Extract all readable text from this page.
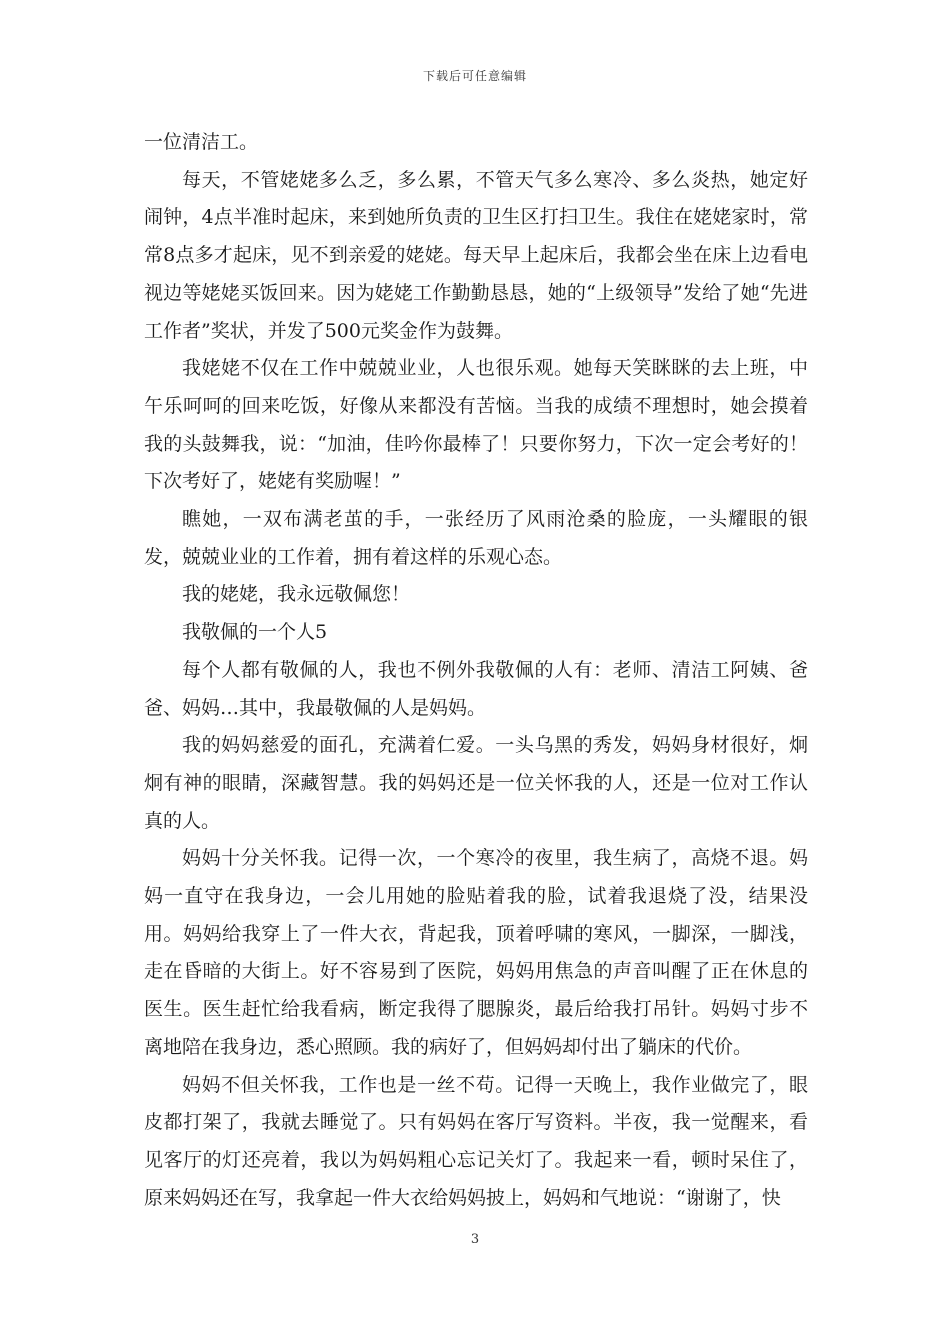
下载后可任意编辑

一位清洁工。

每天，不管姥姥多么乏，多么累，不管天气多么寒冷、多么炎热，她定好闹钟，4点半准时起床，来到她所负责的卫生区打扫卫生。我住在姥姥家时，常常8点多才起床，见不到亲爱的姥姥。每天早上起床后，我都会坐在床上边看电视边等姥姥买饭回来。因为姥姥工作勤勤恳恳，她的“上级领导”发给了她“先进工作者”奖状，并发了500元奖金作为鼓舞。

我姥姥不仅在工作中兢兢业业，人也很乐观。她每天笑眯眯的去上班，中午乐呵呵的回来吃饭，好像从来都没有苦恼。当我的成绩不理想时，她会摸着我的头鼓舞我，说：“加油，佳吟你最棒了！只要你努力，下次一定会考好的！下次考好了，姥姥有奖励喔！”

瞧她，一双布满老茧的手，一张经历了风雨沧桑的脸庞，一头耀眼的银发，兢兢业业的工作着，拥有着这样的乐观心态。

我的姥姥，我永远敬佩您！

我敬佩的一个人5

每个人都有敬佩的人，我也不例外我敬佩的人有：老师、清洁工阿姨、爸爸、妈妈…其中，我最敬佩的人是妈妈。

我的妈妈慈爱的面孔，充满着仁爱。一头乌黑的秀发，妈妈身材很好，炯炯有神的眼睛，深藏智慧。我的妈妈还是一位关怀我的人，还是一位对工作认真的人。

妈妈十分关怀我。记得一次，一个寒冷的夜里，我生病了，高烧不退。妈妈一直守在我身边，一会儿用她的脸贴着我的脸，试着我退烧了没，结果没用。妈妈给我穿上了一件大衣，背起我，顶着呼啸的寒风，一脚深，一脚浅，走在昏暗的大街上。好不容易到了医院，妈妈用焦急的声音叫醒了正在休息的医生。医生赶忙给我看病，断定我得了腮腺炎，最后给我打吊针。妈妈寸步不离地陪在我身边，悉心照顾。我的病好了，但妈妈却付出了躺床的代价。

妈妈不但关怀我，工作也是一丝不苟。记得一天晚上，我作业做完了，眼皮都打架了，我就去睡觉了。只有妈妈在客厅写资料。半夜，我一觉醒来，看见客厅的灯还亮着，我以为妈妈粗心忘记关灯了。我起来一看，顿时呆住了，原来妈妈还在写，我拿起一件大衣给妈妈披上，妈妈和气地说：“谢谢了，快

3
